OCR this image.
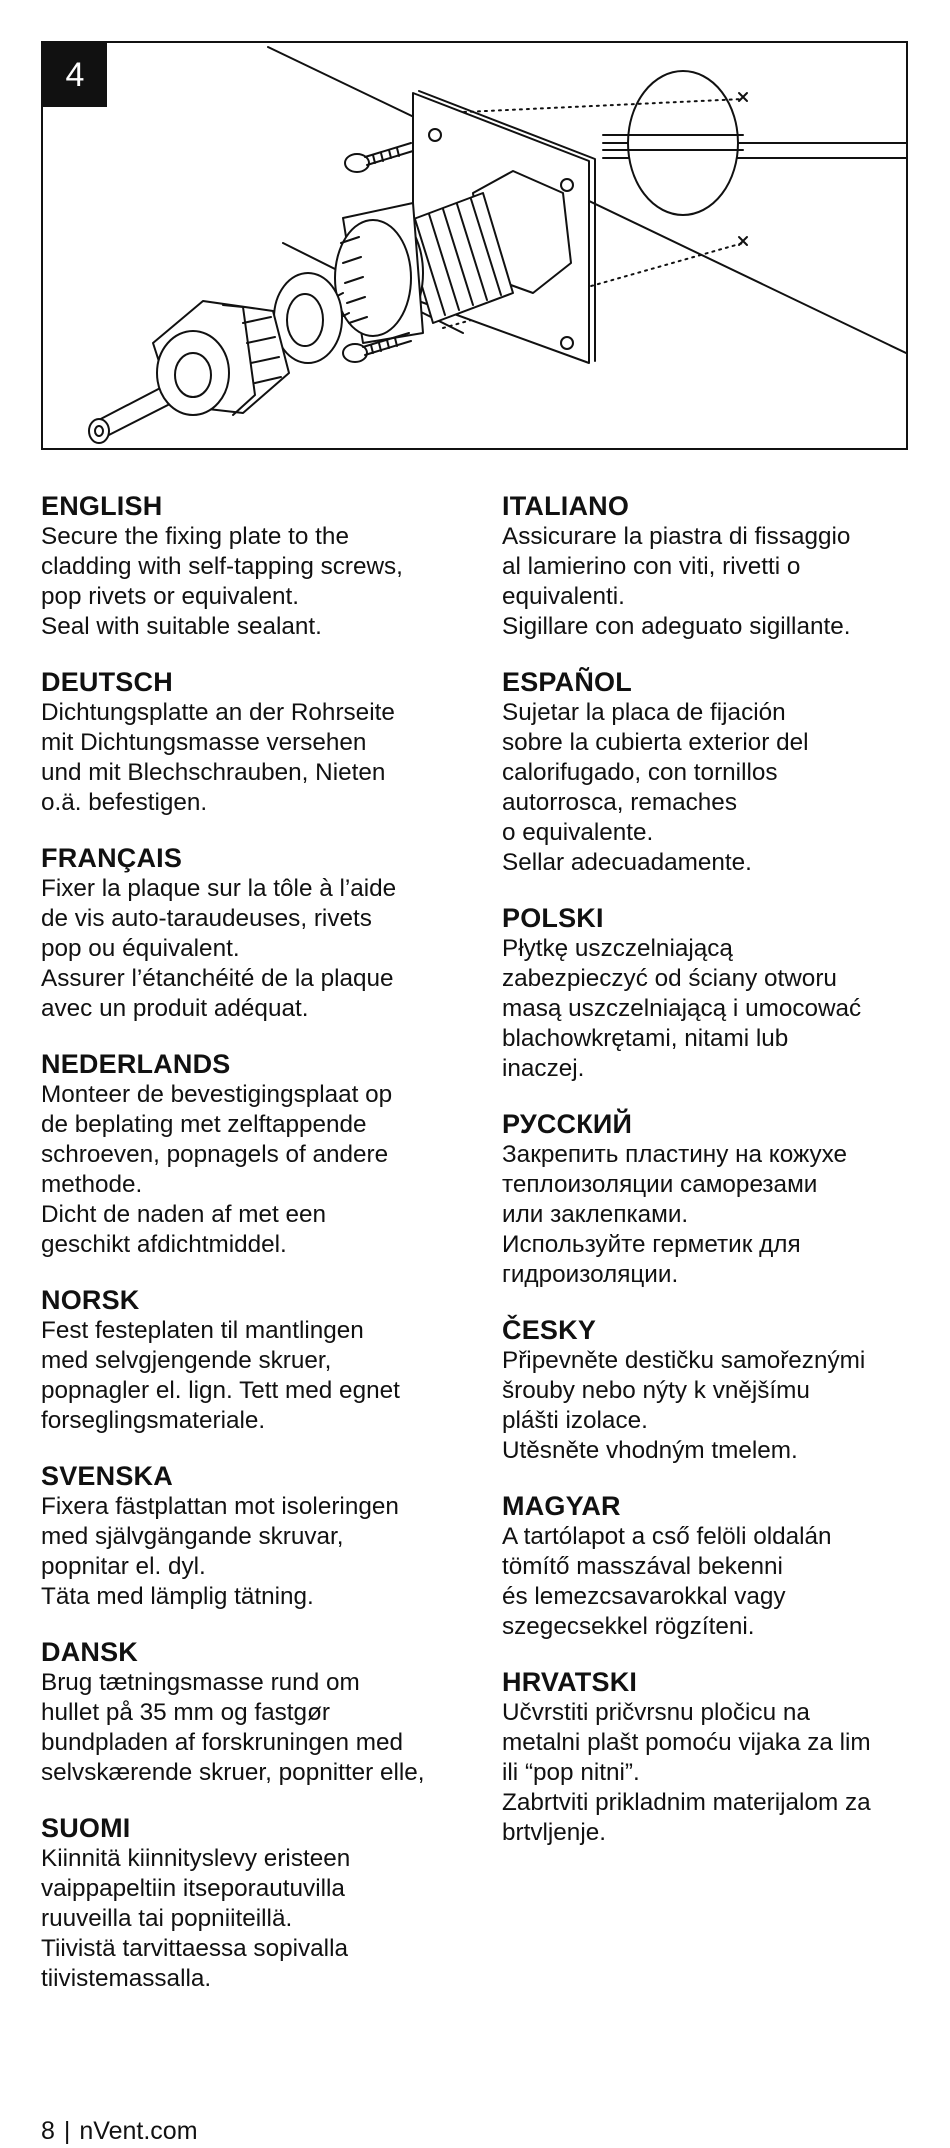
4
ENGLISH
Secure the fixing plate to the
cladding with self-tapping screws,
pop rivets or equivalent.
Seal with suitable sealant.
DEUTSCH
Dichtungsplatte an der Rohrseite
mit Dichtungsmasse versehen
und mit Blechschrauben, Nieten
o.ä. befestigen.
FRANÇAIS
Fixer la plaque sur la tôle à l’aide
de vis auto-taraudeuses, rivets
pop ou équivalent.
Assurer l’étanchéité de la plaque
avec un produit adéquat.
NEDERLANDS
Monteer de bevestigingsplaat op
de beplating met zelftappende
schroeven, popnagels of andere
methode.
Dicht de naden af met een
geschikt afdichtmiddel.
NORSK
Fest festeplaten til mantlingen
med selvgjengende skruer,
popnagler el. lign. Tett med egnet
forseglingsmateriale.
SVENSKA
Fixera fästplattan mot isoleringen
med självgängande skruvar,
popnitar el. dyl.
Täta med lämplig tätning.
DANSK
Brug tætningsmasse rund om
hullet på 35 mm og fastgør
bundpladen af forskruningen med
selvskærende skruer, popnitter elle,
SUOMI
Kiinnitä kiinnityslevy eristeen
vaippapeltiin itseporautuvilla
ruuveilla tai popniiteillä.
Tiivistä tarvittaessa sopivalla
tiivistemassalla.
ITALIANO
Assicurare la piastra di fissaggio
al lamierino con viti, rivetti o
equivalenti.
Sigillare con adeguato sigillante.
ESPAÑOL
Sujetar la placa de fijación
sobre la cubierta exterior del
calorifugado, con tornillos
autorrosca, remaches
o equivalente.
Sellar adecuadamente.
POLSKI
Płytkę uszczelniającą
zabezpieczyć od ściany otworu
masą uszczelniającą i umocować
blachowkrętami, nitami lub
inaczej.
РУССКИЙ
Закрепить пластину на кожухе
теплоизоляции саморезами
или заклепками.
Используйте герметик для
гидроизоляции.
ČESKY
Připevněte destičku samořeznými
šrouby nebo nýty k vnějšímu
plášti izolace.
Utěsněte vhodným tmelem.
MAGYAR
A tartólapot a cső felöli oldalán
tömítő masszával bekenni
és lemezcsavarokkal vagy
szegecsekkel rögzíteni.
HRVATSKI
Učvrstiti pričvrsnu pločicu na
metalni plašt pomoću vijaka za lim
ili “pop nitni”.
Zabrtviti prikladnim materijalom za
brtvljenje.
8 | nVent.com
